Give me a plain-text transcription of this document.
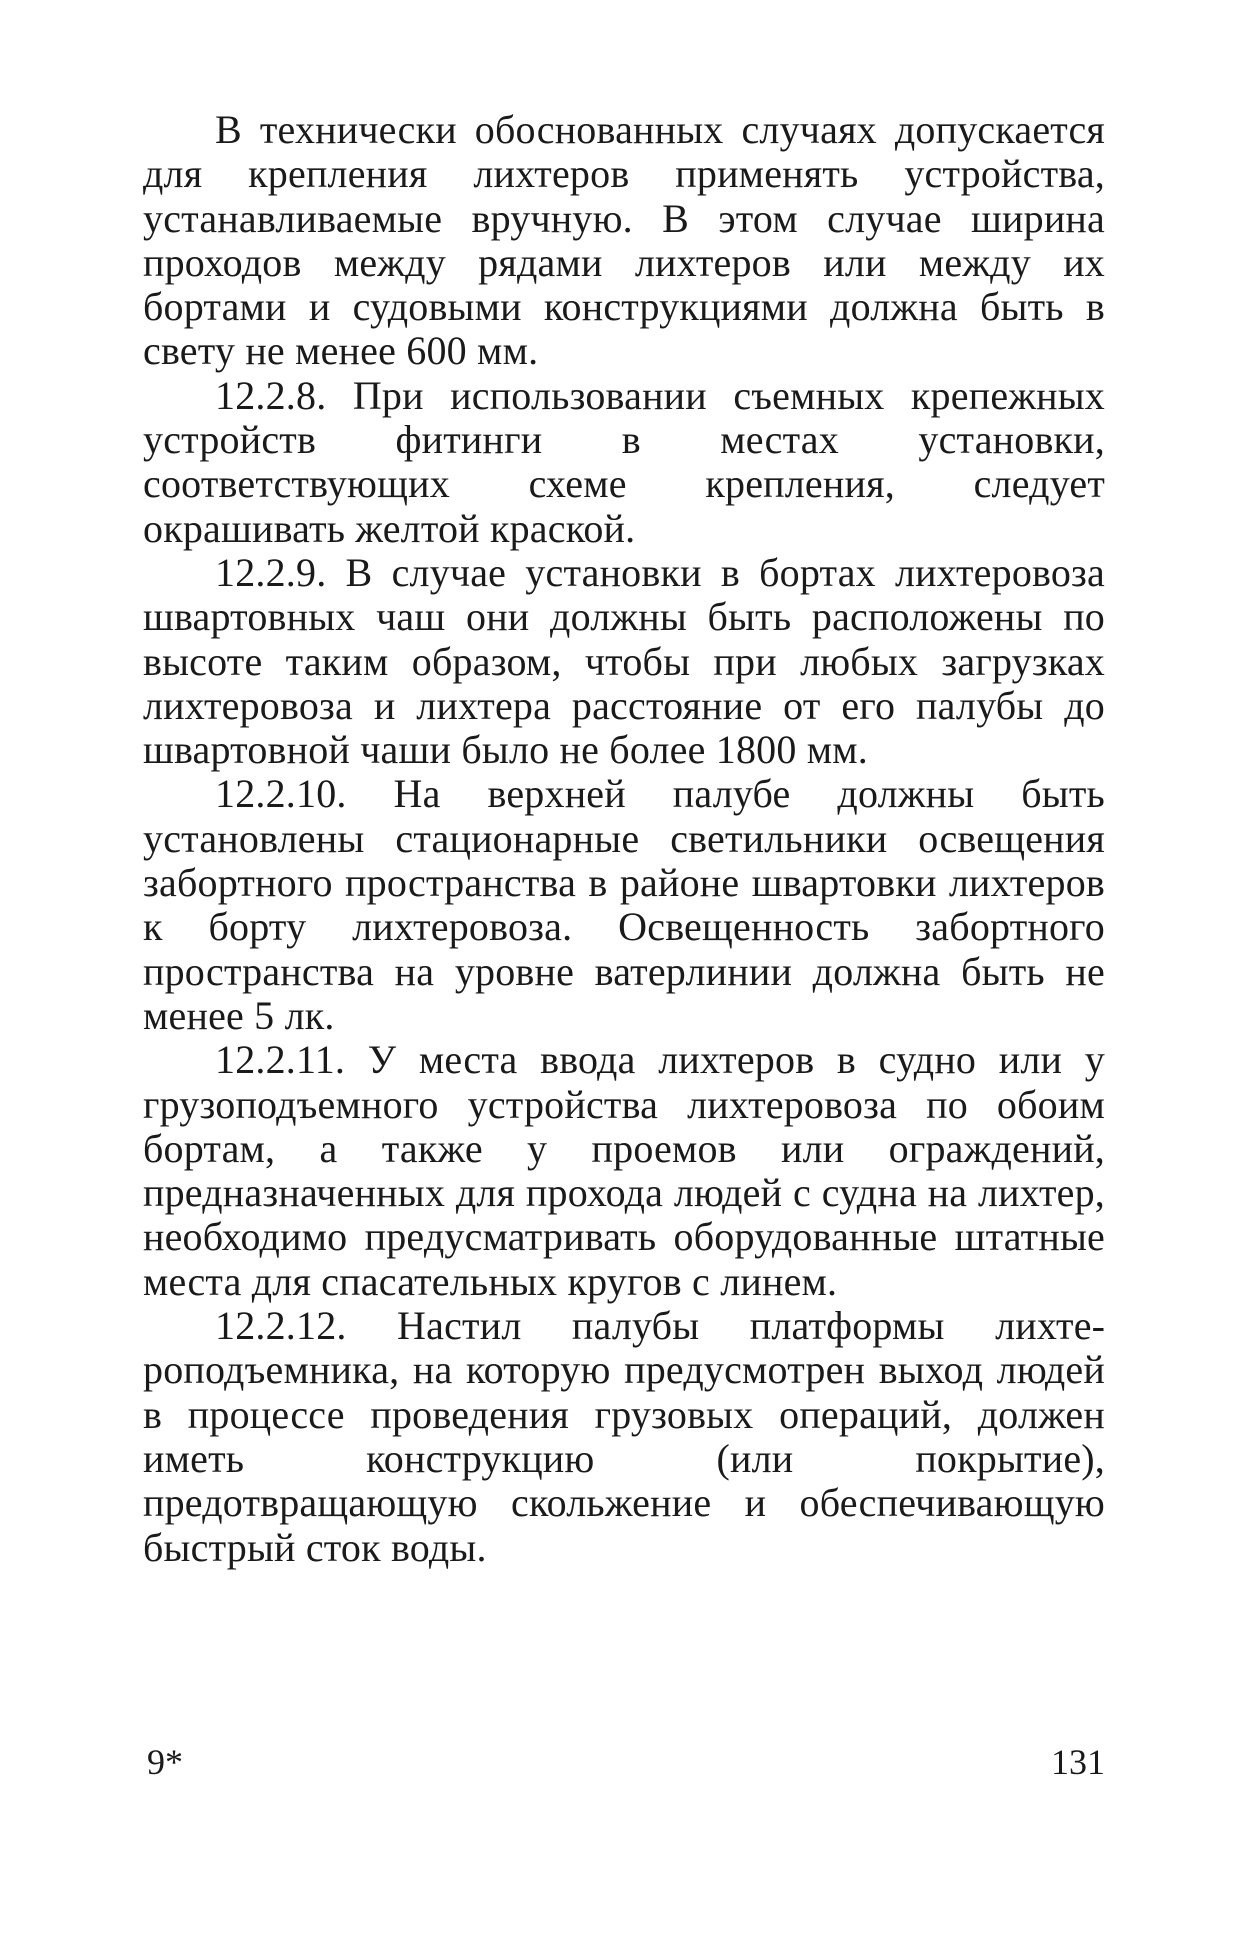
В технически обоснованных случаях допускается для крепления лихтеров применять устройства, устанавливаемые вручную. В этом случае ширина проходов между рядами лихтеров или между их бортами и судовыми конструкциями должна быть в свету не менее 600 мм.

12.2.8. При использовании съемных крепежных устройств фитинги в местах установки, соответствующих схеме крепления, следует окрашивать желтой краской.

12.2.9. В случае установки в бортах лихтеровоза швартовных чаш они должны быть расположены по высоте таким образом, чтобы при любых загрузках лихтеровоза и лихтера расстояние от его палубы до швартовной чаши было не более 1800 мм.

12.2.10. На верхней палубе должны быть установлены стационарные светильники освещения забортного пространства в районе швартовки лихтеров к борту лихтеровоза. Освещенность забортного пространства на уровне ватерлинии должна быть не менее 5 лк.

12.2.11. У места ввода лихтеров в судно или у грузоподъемного устройства лихтеровоза по обоим бортам, а также у проемов или ограждений, предназначенных для прохода людей с судна на лихтер, необходимо предусматривать оборудованные штатные места для спасательных кругов с линем.

12.2.12. Настил палубы платформы лихтероподъемника, на которую предусмотрен выход людей в процессе проведения грузовых операций, должен иметь конструкцию (или покрытие), предотвращающую скольжение и обеспечивающую быстрый сток воды.

9*	131
